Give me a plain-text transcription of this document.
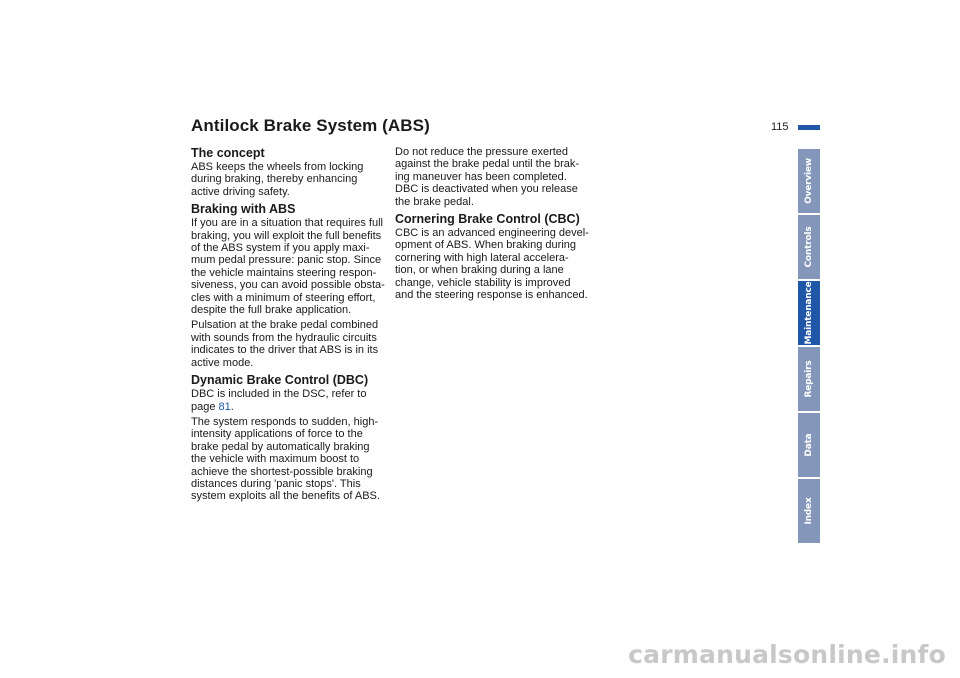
Antilock Brake System (ABS)	115
The concept

ABS keeps the wheels from locking
during braking, thereby enhancing
active driving safety.

Braking with ABS

If you are in a situation that requires full
braking, you will exploit the full benefits
of the ABS system if you apply maxi-
mum pedal pressure: panic stop. Since
the vehicle maintains steering respon-
siveness, you can avoid possible obsta-
cles with a minimum of steering effort,
despite the full brake application.

Pulsation at the brake pedal combined
with sounds from the hydraulic circuits
indicates to the driver that ABS is in its
active mode.

Dynamic Brake Control (DBC)

DBC is included in the DSC, refer to
page 81.

The system responds to sudden, high-
intensity applications of force to the
brake pedal by automatically braking
the vehicle with maximum boost to
achieve the shortest-possible braking
distances during 'panic stops'. This
system exploits all the benefits of ABS.

Do not reduce the pressure exerted
against the brake pedal until the brak-
ing maneuver has been completed.
DBC is deactivated when you release
the brake pedal.

Cornering Brake Control (CBC)

CBC is an advanced engineering devel-
opment of ABS. When braking during
cornering with high lateral accelera-
tion, or when braking during a lane
change, vehicle stability is improved
and the steering response is enhanced.

Overview
Controls
Maintenance
Repairs
Data
Index
carmanualsonline.info
